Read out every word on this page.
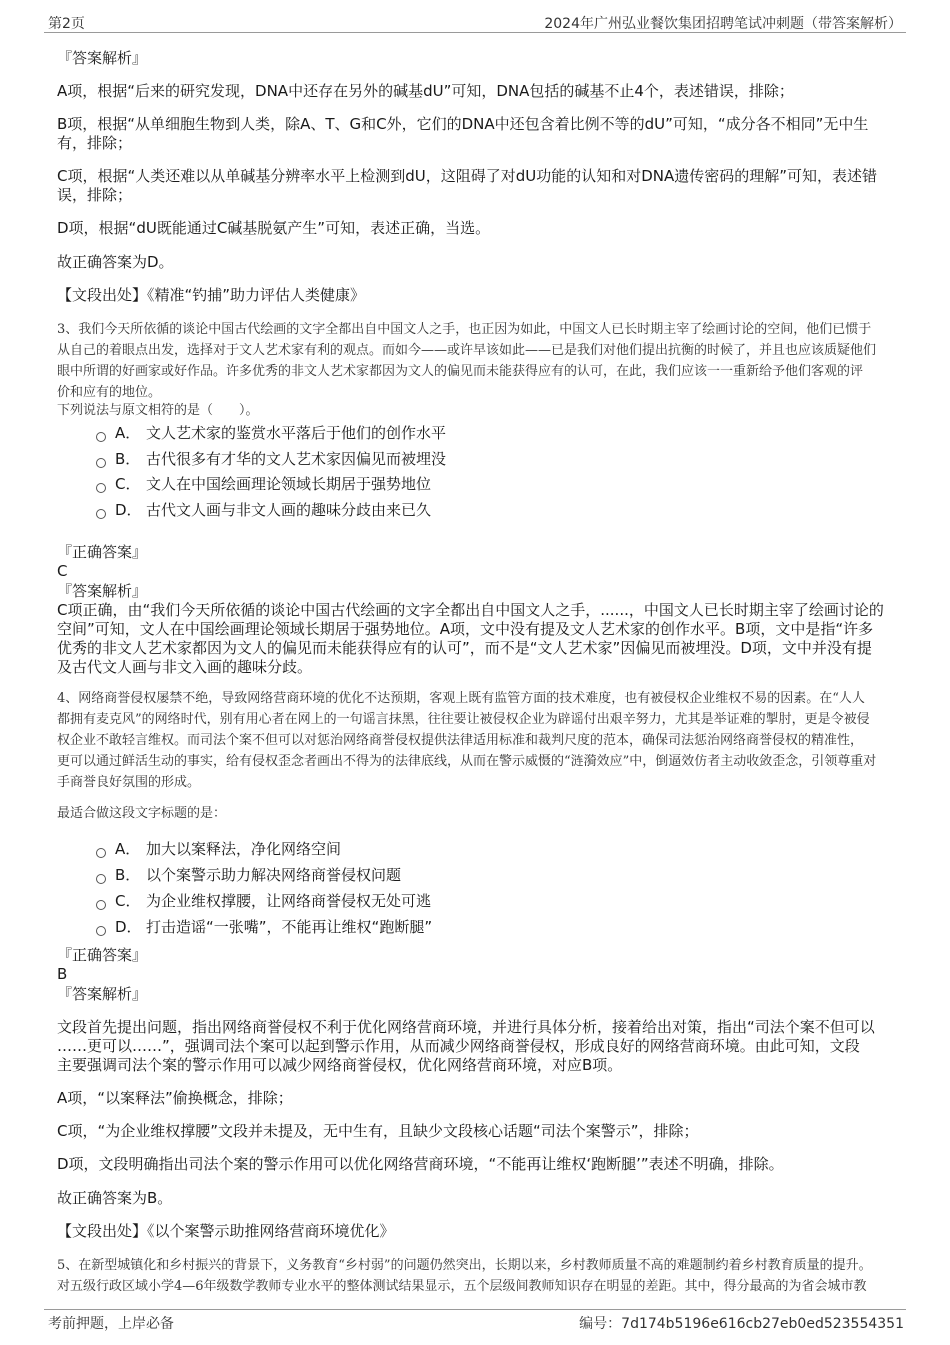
第2页	2024年广州弘业餐饮集团招聘笔试冲刺题（带答案解析）
『答案解析』
A项，根据“后来的研究发现，DNA中还存在另外的碱基dU”可知，DNA包括的碱基不止4个，表述错误，排除；
B项，根据“从单细胞生物到人类，除A、T、G和C外，它们的DNA中还包含着比例不等的dU”可知，“成分各不相同”无中生
有，排除；
C项，根据“人类还难以从单碱基分辨率水平上检测到dU，这阻碍了对dU功能的认知和对DNA遗传密码的理解”可知，表述错
误，排除；
D项，根据“dU既能通过C碱基脱氨产生”可知，表述正确，当选。
故正确答案为D。
【文段出处】《精准“钓捕”助力评估人类健康》
3、我们今天所依循的谈论中国古代绘画的文字全都出自中国文人之手，也正因为如此，中国文人已长时期主宰了绘画讨论的空间，他们已惯于
从自己的着眼点出发，选择对于文人艺术家有利的观点。而如今——或许早该如此——已是我们对他们提出抗衡的时候了，并且也应该质疑他们
眼中所谓的好画家或好作品。许多优秀的非文人艺术家都因为文人的偏见而未能获得应有的认可，在此，我们应该一一重新给予他们客观的评
价和应有的地位。
下列说法与原文相符的是（　　）。
A． 文人艺术家的鉴赏水平落后于他们的创作水平
B． 古代很多有才华的文人艺术家因偏见而被埋没
C． 文人在中国绘画理论领域长期居于强势地位
D． 古代文人画与非文人画的趣味分歧由来已久
『正确答案』
C
『答案解析』
C项正确，由“我们今天所依循的谈论中国古代绘画的文字全都出自中国文人之手，......，中国文人已长时期主宰了绘画讨论的
空间”可知，文人在中国绘画理论领域长期居于强势地位。A项，文中没有提及文人艺术家的创作水平。B项，文中是指“许多
优秀的非文人艺术家都因为文人的偏见而未能获得应有的认可”，而不是“文人艺术家”因偏见而被埋没。D项，文中并没有提
及古代文人画与非文入画的趣味分歧。
4、网络商誉侵权屡禁不绝，导致网络营商环境的优化不达预期，客观上既有监管方面的技术难度，也有被侵权企业维权不易的因素。在“人人
都拥有麦克风”的网络时代，别有用心者在网上的一句谣言抹黑，往往要让被侵权企业为辟谣付出艰辛努力，尤其是举证难的掣肘，更是令被侵
权企业不敢轻言维权。而司法个案不但可以对惩治网络商誉侵权提供法律适用标准和裁判尺度的范本，确保司法惩治网络商誉侵权的精准性，
更可以通过鲜活生动的事实，给有侵权歪念者画出不得为的法律底线，从而在警示威慑的“涟漪效应”中，倒逼效仿者主动收敛歪念，引领尊重对
手商誉良好氛围的形成。
最适合做这段文字标题的是：
A． 加大以案释法，净化网络空间
B． 以个案警示助力解决网络商誉侵权问题
C． 为企业维权撑腰，让网络商誉侵权无处可逃
D． 打击造谣“一张嘴”，不能再让维权“跑断腿”
『正确答案』
B
『答案解析』
文段首先提出问题，指出网络商誉侵权不利于优化网络营商环境，并进行具体分析，接着给出对策，指出“司法个案不但可以
……更可以……”，强调司法个案可以起到警示作用，从而减少网络商誉侵权，形成良好的网络营商环境。由此可知，文段
主要强调司法个案的警示作用可以减少网络商誉侵权，优化网络营商环境，对应B项。
A项，“以案释法”偷换概念，排除；
C项，“为企业维权撑腰”文段并未提及，无中生有，且缺少文段核心话题“司法个案警示”，排除；
D项，文段明确指出司法个案的警示作用可以优化网络营商环境，“不能再让维权‘跑断腿’”表述不明确，排除。
故正确答案为B。
【文段出处】《以个案警示助推网络营商环境优化》
5、在新型城镇化和乡村振兴的背景下，义务教育“乡村弱”的问题仍然突出，长期以来，乡村教师质量不高的难题制约着乡村教育质量的提升。
对五级行政区域小学4—6年级数学教师专业水平的整体测试结果显示，五个层级间教师知识存在明显的差距。其中，得分最高的为省会城市教
考前押题，上岸必备	编号：7d174b5196e616cb27eb0ed523554351
